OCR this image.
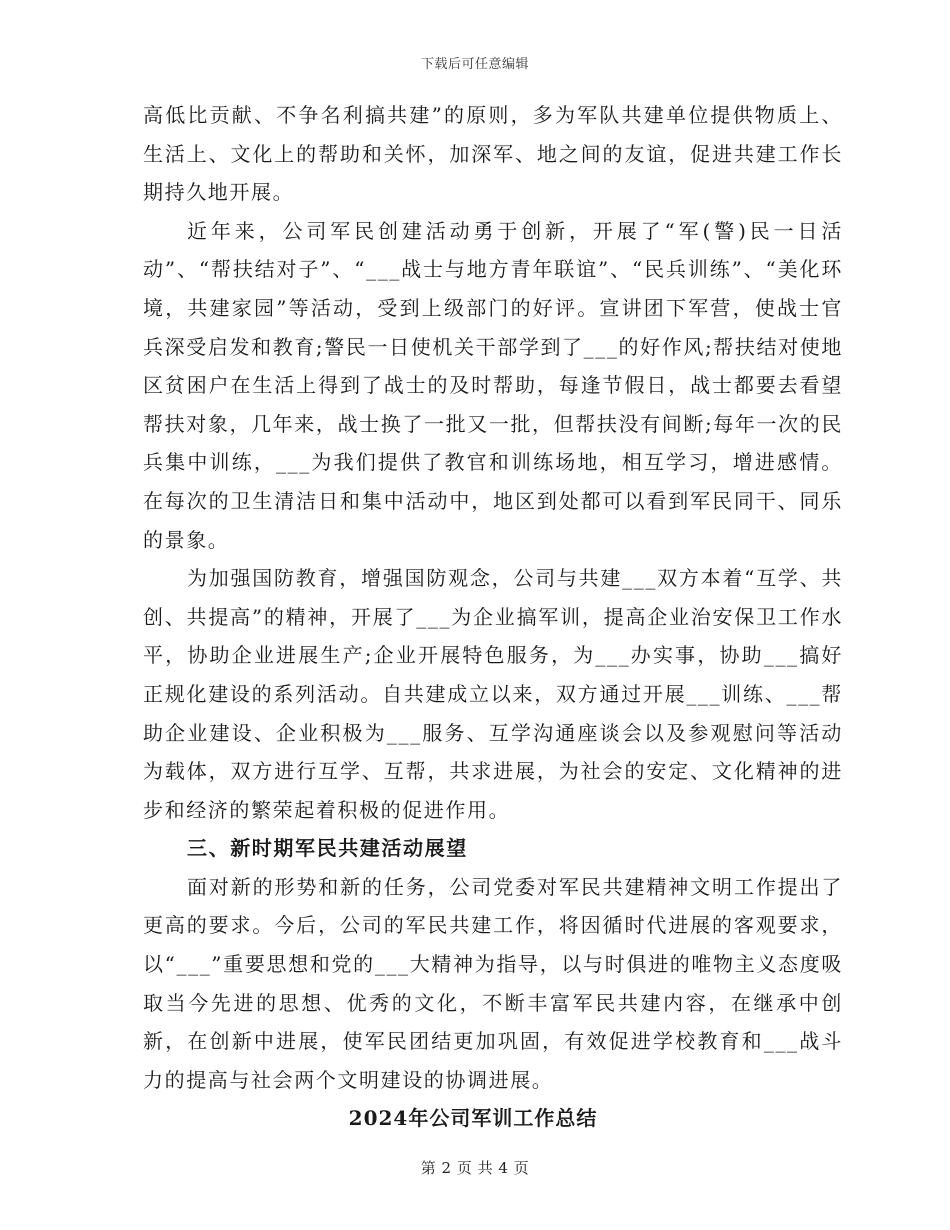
下载后可任意编辑

高低比贡献、不争名利搞共建”的原则，多为军队共建单位提供物质上、生活上、文化上的帮助和关怀，加深军、地之间的友谊，促进共建工作长期持久地开展。

近年来，公司军民创建活动勇于创新，开展了“军(警)民一日活动”、“帮扶结对子”、“___战士与地方青年联谊”、“民兵训练”、“美化环境，共建家园”等活动，受到上级部门的好评。宣讲团下军营，使战士官兵深受启发和教育;警民一日使机关干部学到了___的好作风;帮扶结对使地区贫困户在生活上得到了战士的及时帮助，每逢节假日，战士都要去看望帮扶对象，几年来，战士换了一批又一批，但帮扶没有间断;每年一次的民兵集中训练，___为我们提供了教官和训练场地，相互学习，增进感情。在每次的卫生清洁日和集中活动中，地区到处都可以看到军民同干、同乐的景象。

为加强国防教育，增强国防观念，公司与共建___双方本着“互学、共创、共提高”的精神，开展了___为企业搞军训，提高企业治安保卫工作水平，协助企业进展生产;企业开展特色服务，为___办实事，协助___搞好正规化建设的系列活动。自共建成立以来，双方通过开展___训练、___帮助企业建设、企业积极为___服务、互学沟通座谈会以及参观慰问等活动为载体，双方进行互学、互帮，共求进展，为社会的安定、文化精神的进步和经济的繁荣起着积极的促进作用。

三、新时期军民共建活动展望

面对新的形势和新的任务，公司党委对军民共建精神文明工作提出了更高的要求。今后，公司的军民共建工作，将因循时代进展的客观要求，以“___”重要思想和党的___大精神为指导，以与时俱进的唯物主义态度吸取当今先进的思想、优秀的文化，不断丰富军民共建内容，在继承中创新，在创新中进展，使军民团结更加巩固，有效促进学校教育和___战斗力的提高与社会两个文明建设的协调进展。

2024年公司军训工作总结

第 2 页 共 4 页
